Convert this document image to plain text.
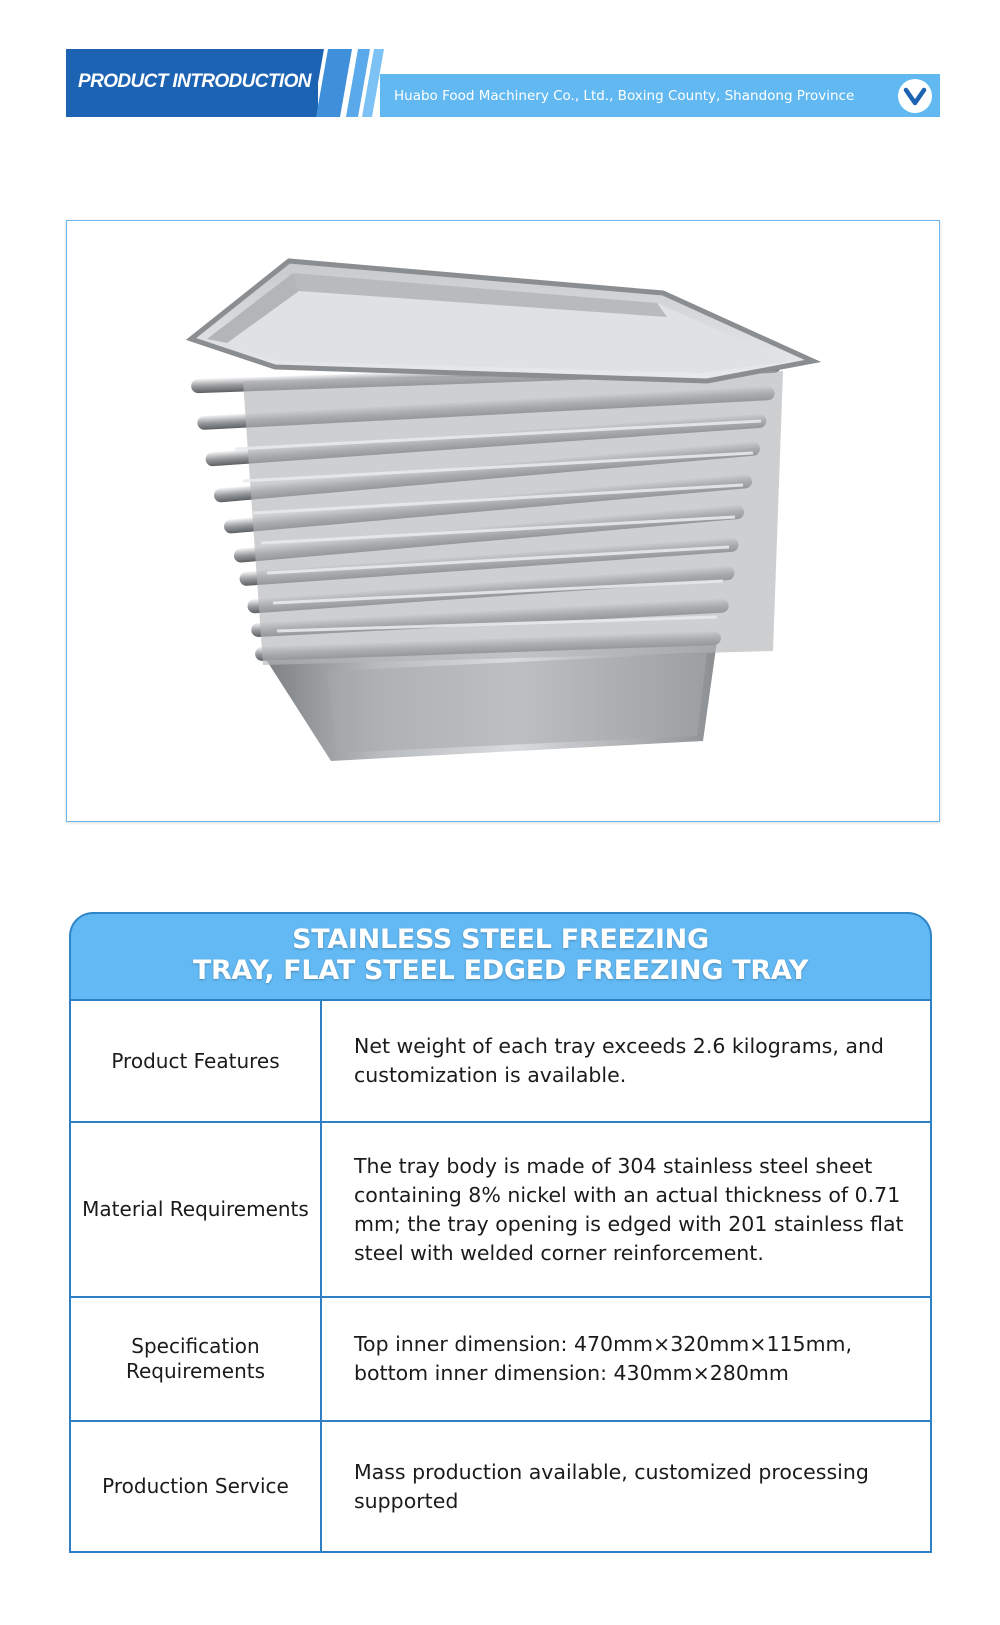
PRODUCT INTRODUCTION
Huabo Food Machinery Co., Ltd., Boxing County, Shandong Province
STAINLESS STEEL FREEZING
TRAY, FLAT STEEL EDGED FREEZING TRAY
Product Features	Net weight of each tray exceeds 2.6 kilograms, and customization is available.
Material Requirements	The tray body is made of 304 stainless steel sheet containing 8% nickel with an actual thickness of 0.71 mm; the tray opening is edged with 201 stainless flat steel with welded corner reinforcement.
Specification Requirements	Top inner dimension: 470mm×320mm×115mm, bottom inner dimension: 430mm×280mm
Production Service	Mass production available, customized processing supported
